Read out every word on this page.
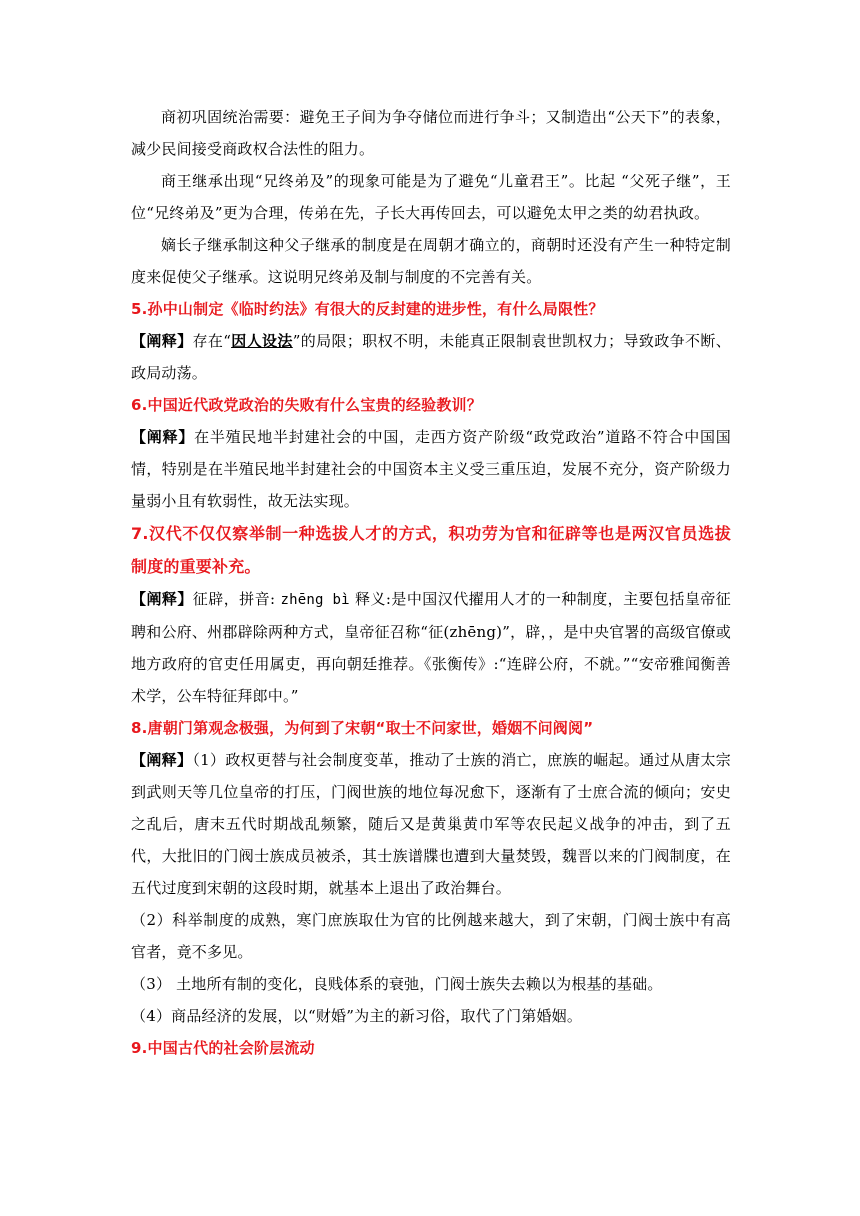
商初巩固统治需要：避免王子间为争夺储位而进行争斗；又制造出“公天下”的表象，减少民间接受商政权合法性的阻力。

商王继承出现“兄终弟及”的现象可能是为了避免“儿童君王”。比起 “父死子继”，王位“兄终弟及”更为合理，传弟在先，子长大再传回去，可以避免太甲之类的幼君执政。

嫡长子继承制这种父子继承的制度是在周朝才确立的，商朝时还没有产生一种特定制度来促使父子继承。这说明兄终弟及制与制度的不完善有关。

5.孙中山制定《临时约法》有很大的反封建的进步性，有什么局限性？

【阐释】存在“因人设法”的局限；职权不明，未能真正限制袁世凯权力；导致政争不断、政局动荡。

6.中国近代政党政治的失败有什么宝贵的经验教训？

【阐释】在半殖民地半封建社会的中国，走西方资产阶级“政党政治”道路不符合中国国情，特别是在半殖民地半封建社会的中国资本主义受三重压迫，发展不充分，资产阶级力量弱小且有软弱性，故无法实现。

7.汉代不仅仅察举制一种选拔人才的方式，积功劳为官和征辟等也是两汉官员选拔制度的重要补充。

【阐释】征辟，拼音: zhēng bì 释义:是中国汉代擢用人才的一种制度，主要包括皇帝征聘和公府、州郡辟除两种方式，皇帝征召称“征(zhēng)”，辟，，是中央官署的高级官僚或地方政府的官吏任用属吏，再向朝廷推荐。《张衡传》:“连辟公府，不就。”“安帝雅闻衡善术学，公车特征拜郎中。”

8.唐朝门第观念极强，为何到了宋朝“取士不问家世，婚姻不问阀阅”

【阐释】（1）政权更替与社会制度变革，推动了士族的消亡，庶族的崛起。通过从唐太宗到武则天等几位皇帝的打压，门阀世族的地位每况愈下，逐渐有了士庶合流的倾向；安史之乱后，唐末五代时期战乱频繁，随后又是黄巢黄巾军等农民起义战争的冲击，到了五代，大批旧的门阀士族成员被杀，其士族谱牒也遭到大量焚毁，魏晋以来的门阀制度，在五代过度到宋朝的这段时期，就基本上退出了政治舞台。

（2）科举制度的成熟，寒门庶族取仕为官的比例越来越大，到了宋朝，门阀士族中有高官者，竟不多见。

（3） 土地所有制的变化，良贱体系的衰弛，门阀士族失去赖以为根基的基础。

（4）商品经济的发展，以“财婚”为主的新习俗，取代了门第婚姻。

9.中国古代的社会阶层流动
